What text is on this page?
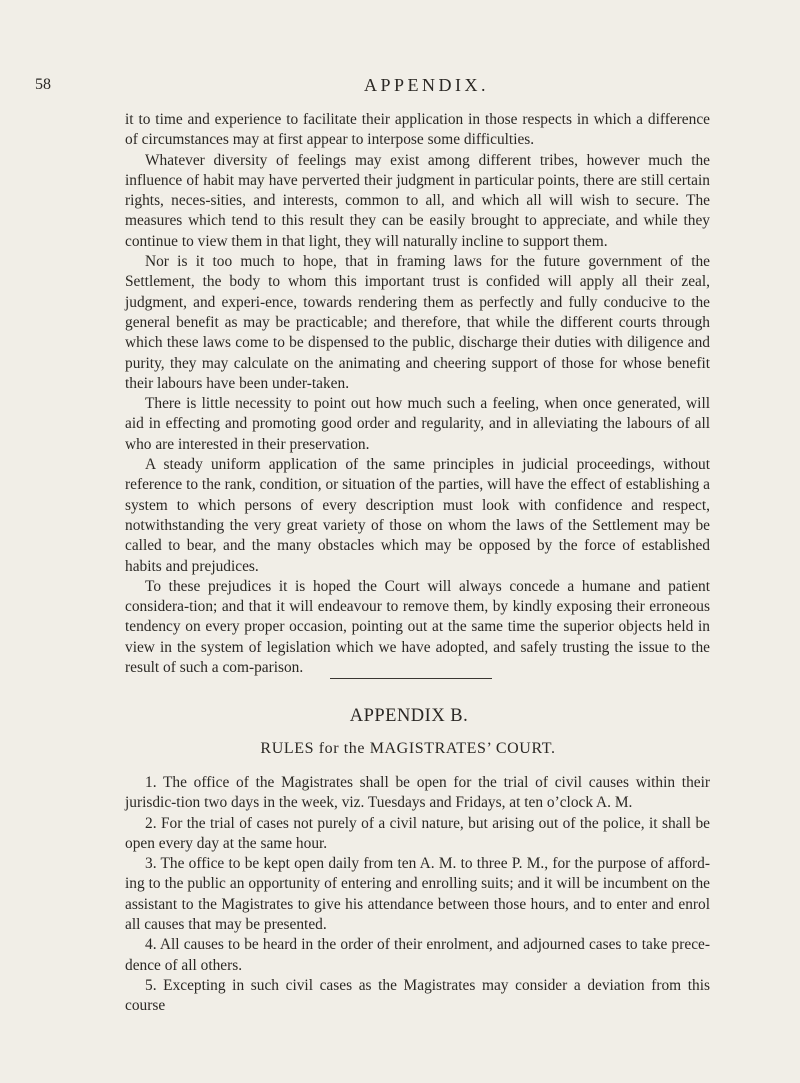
58	APPENDIX.

it to time and experience to facilitate their application in those respects in which a difference of circumstances may at first appear to interpose some difficulties.

Whatever diversity of feelings may exist among different tribes, however much the influence of habit may have perverted their judgment in particular points, there are still certain rights, neces-sities, and interests, common to all, and which all will wish to secure. The measures which tend to this result they can be easily brought to appreciate, and while they continue to view them in that light, they will naturally incline to support them.

Nor is it too much to hope, that in framing laws for the future government of the Settlement, the body to whom this important trust is confided will apply all their zeal, judgment, and experi-ence, towards rendering them as perfectly and fully conducive to the general benefit as may be practicable; and therefore, that while the different courts through which these laws come to be dispensed to the public, discharge their duties with diligence and purity, they may calculate on the animating and cheering support of those for whose benefit their labours have been under-taken.

There is little necessity to point out how much such a feeling, when once generated, will aid in effecting and promoting good order and regularity, and in alleviating the labours of all who are interested in their preservation.

A steady uniform application of the same principles in judicial proceedings, without reference to the rank, condition, or situation of the parties, will have the effect of establishing a system to which persons of every description must look with confidence and respect, notwithstanding the very great variety of those on whom the laws of the Settlement may be called to bear, and the many obstacles which may be opposed by the force of established habits and prejudices.

To these prejudices it is hoped the Court will always concede a humane and patient considera-tion; and that it will endeavour to remove them, by kindly exposing their erroneous tendency on every proper occasion, pointing out at the same time the superior objects held in view in the system of legislation which we have adopted, and safely trusting the issue to the result of such a com-parison.

APPENDIX B.
RULES for the MAGISTRATES’ COURT.

1. The office of the Magistrates shall be open for the trial of civil causes within their jurisdic-tion two days in the week, viz. Tuesdays and Fridays, at ten o’clock A. M.

2. For the trial of cases not purely of a civil nature, but arising out of the police, it shall be open every day at the same hour.

3. The office to be kept open daily from ten A. M. to three P. M., for the purpose of afford-ing to the public an opportunity of entering and enrolling suits; and it will be incumbent on the assistant to the Magistrates to give his attendance between those hours, and to enter and enrol all causes that may be presented.

4. All causes to be heard in the order of their enrolment, and adjourned cases to take prece-dence of all others.

5. Excepting in such civil cases as the Magistrates may consider a deviation from this course
